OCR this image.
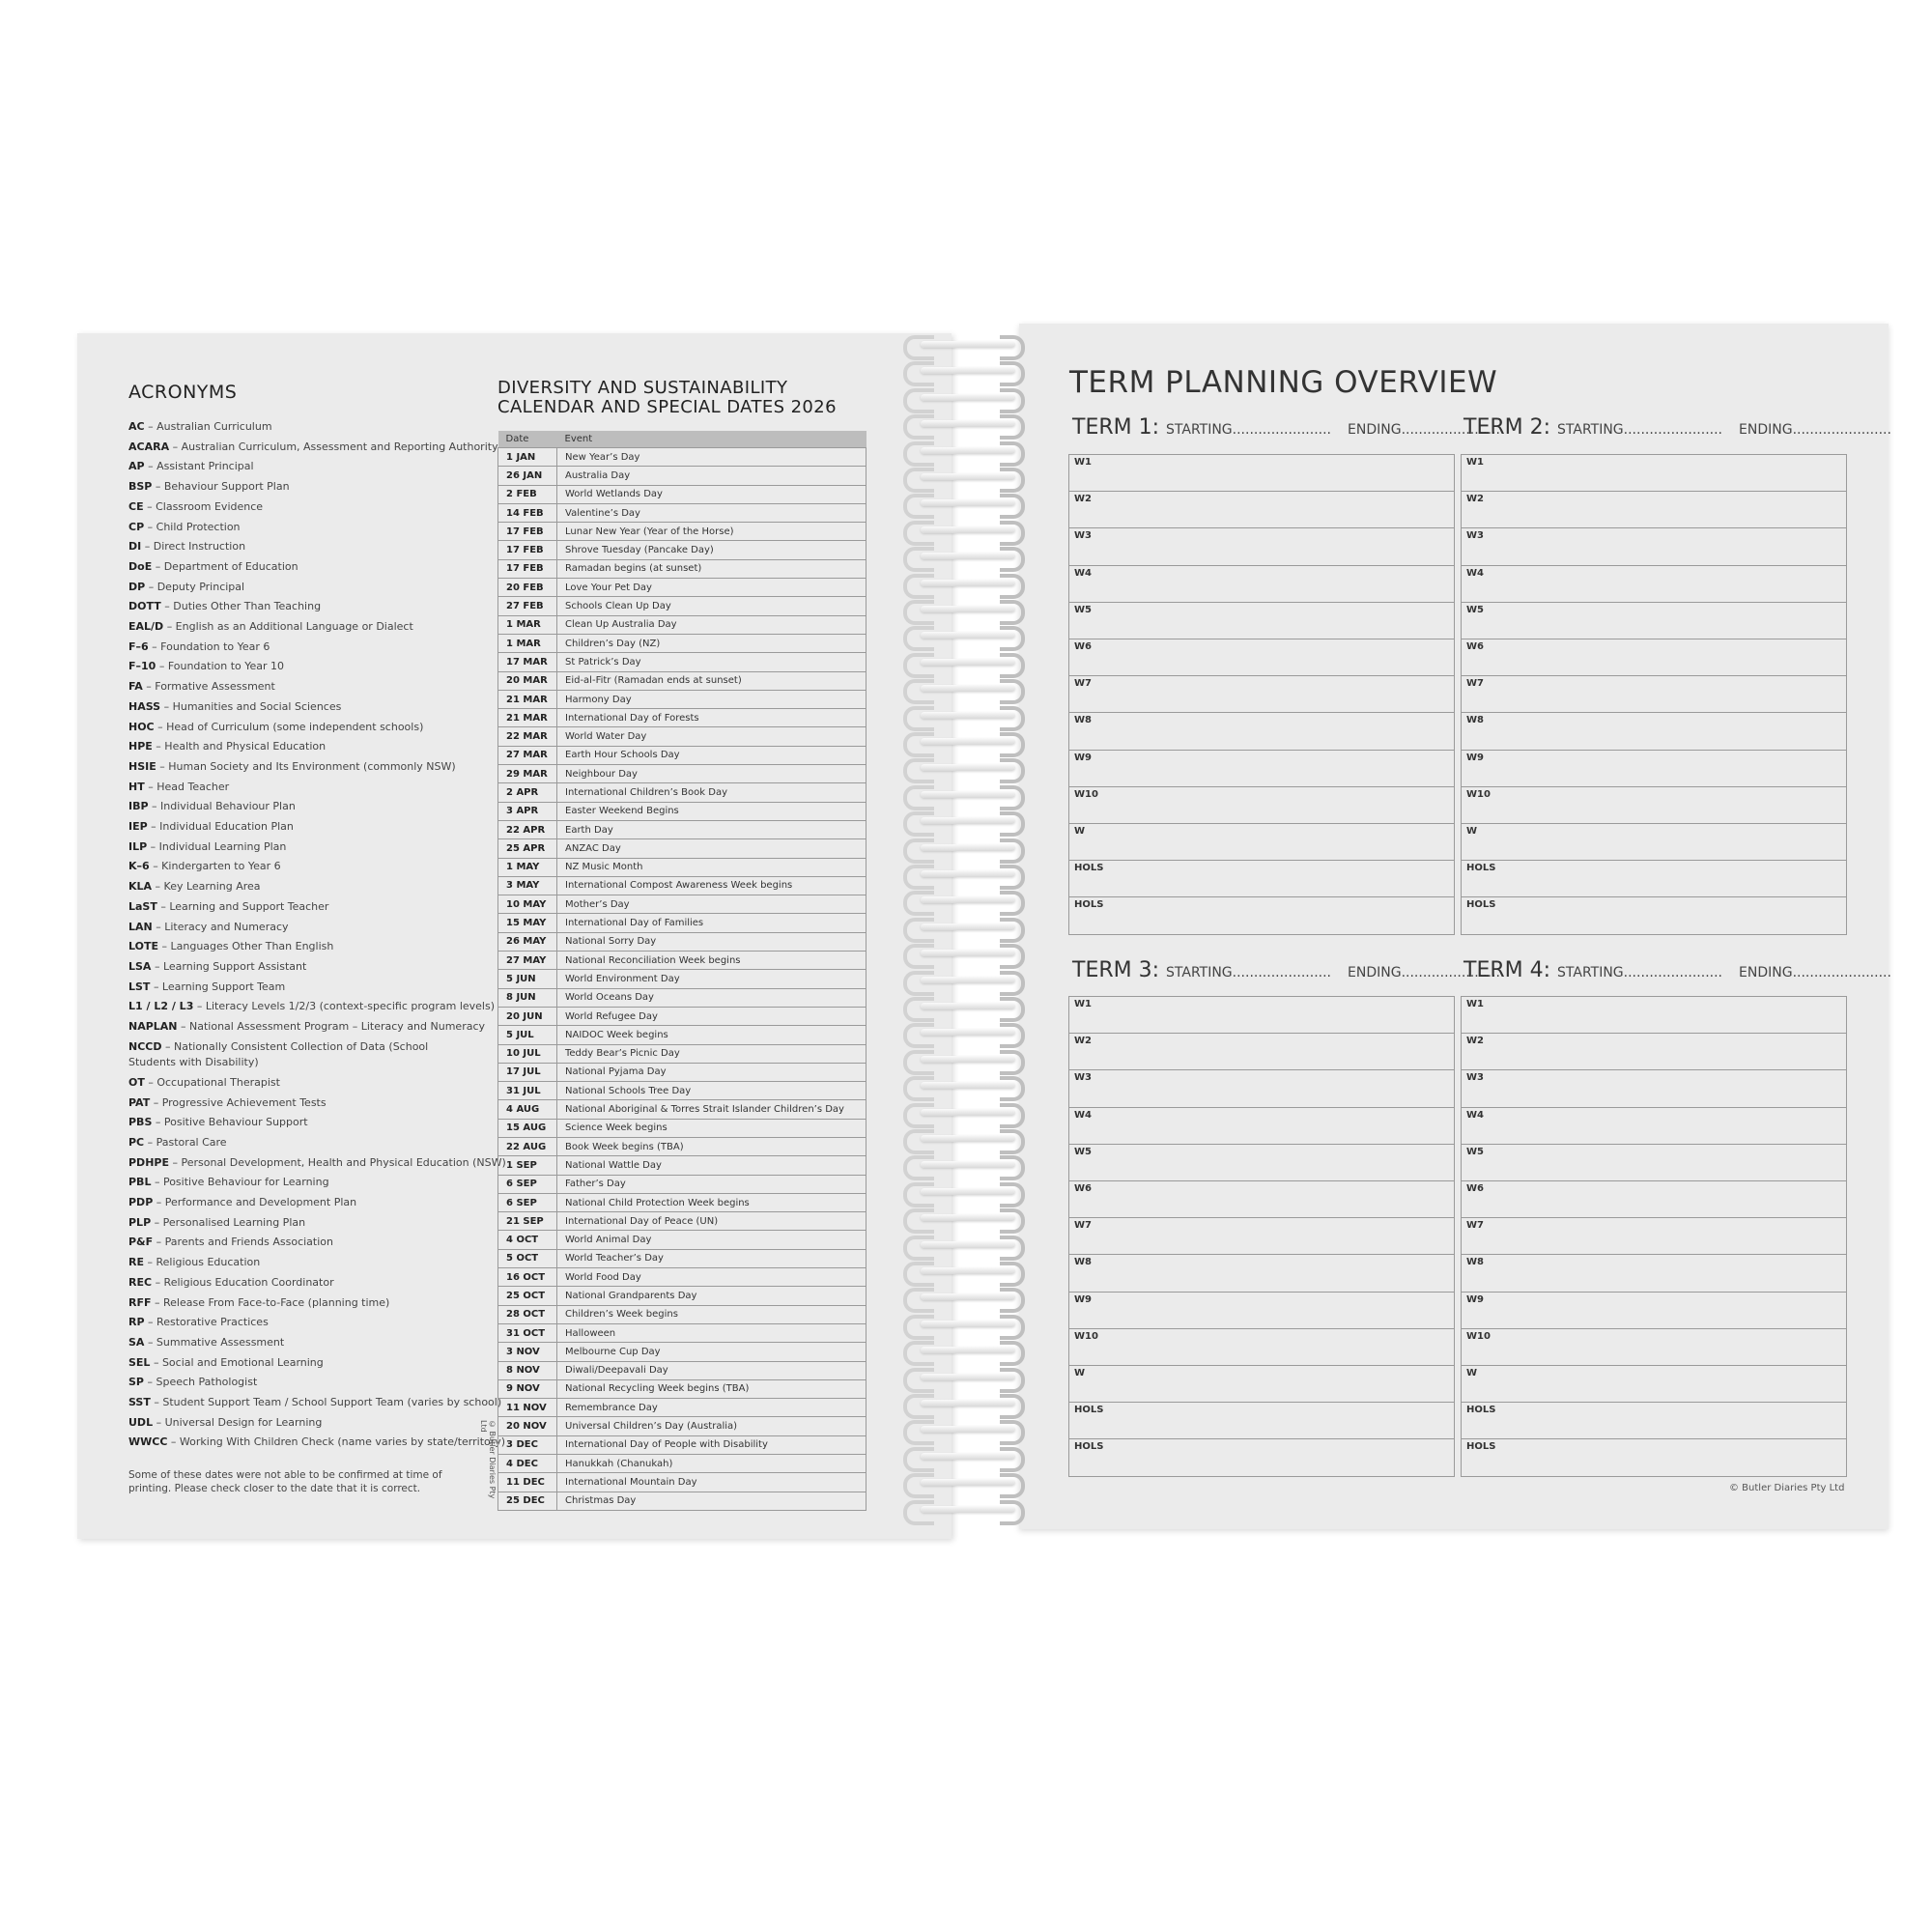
ACRONYMS
AC – Australian Curriculum
ACARA – Australian Curriculum, Assessment and Reporting Authority
AP – Assistant Principal
BSP – Behaviour Support Plan
CE – Classroom Evidence
CP – Child Protection
DI – Direct Instruction
DoE – Department of Education
DP – Deputy Principal
DOTT – Duties Other Than Teaching
EAL/D – English as an Additional Language or Dialect
F–6 – Foundation to Year 6
F–10 – Foundation to Year 10
FA – Formative Assessment
HASS – Humanities and Social Sciences
HOC – Head of Curriculum (some independent schools)
HPE – Health and Physical Education
HSIE – Human Society and Its Environment (commonly NSW)
HT – Head Teacher
IBP – Individual Behaviour Plan
IEP – Individual Education Plan
ILP – Individual Learning Plan
K–6 – Kindergarten to Year 6
KLA – Key Learning Area
LaST – Learning and Support Teacher
LAN – Literacy and Numeracy
LOTE – Languages Other Than English
LSA – Learning Support Assistant
LST – Learning Support Team
L1 / L2 / L3 – Literacy Levels 1/2/3 (context-specific program levels)
NAPLAN – National Assessment Program – Literacy and Numeracy
NCCD – Nationally Consistent Collection of Data (School Students with Disability)
OT – Occupational Therapist
PAT – Progressive Achievement Tests
PBS – Positive Behaviour Support
PC – Pastoral Care
PDHPE – Personal Development, Health and Physical Education (NSW)
PBL – Positive Behaviour for Learning
PDP – Performance and Development Plan
PLP – Personalised Learning Plan
P&F – Parents and Friends Association
RE – Religious Education
REC – Religious Education Coordinator
RFF – Release From Face-to-Face (planning time)
RP – Restorative Practices
SA – Summative Assessment
SEL – Social and Emotional Learning
SP – Speech Pathologist
SST – Student Support Team / School Support Team (varies by school)
UDL – Universal Design for Learning
WWCC – Working With Children Check (name varies by state/territory)
Some of these dates were not able to be confirmed at time of printing. Please check closer to the date that it is correct.	© Butler Diaries Pty Ltd
DIVERSITY AND SUSTAINABILITY CALENDAR AND SPECIAL DATES 2026
Date	Event
1 JAN	New Year’s Day
26 JAN	Australia Day
2 FEB	World Wetlands Day
14 FEB	Valentine’s Day
17 FEB	Lunar New Year (Year of the Horse)
17 FEB	Shrove Tuesday (Pancake Day)
17 FEB	Ramadan begins (at sunset)
20 FEB	Love Your Pet Day
27 FEB	Schools Clean Up Day
1 MAR	Clean Up Australia Day
1 MAR	Children’s Day (NZ)
17 MAR	St Patrick’s Day
20 MAR	Eid-al-Fitr (Ramadan ends at sunset)
21 MAR	Harmony Day
21 MAR	International Day of Forests
22 MAR	World Water Day
27 MAR	Earth Hour Schools Day
29 MAR	Neighbour Day
2 APR	International Children’s Book Day
3 APR	Easter Weekend Begins
22 APR	Earth Day
25 APR	ANZAC Day
1 MAY	NZ Music Month
3 MAY	International Compost Awareness Week begins
10 MAY	Mother’s Day
15 MAY	International Day of Families
26 MAY	National Sorry Day
27 MAY	National Reconciliation Week begins
5 JUN	World Environment Day
8 JUN	World Oceans Day
20 JUN	World Refugee Day
5 JUL	NAIDOC Week begins
10 JUL	Teddy Bear’s Picnic Day
17 JUL	National Pyjama Day
31 JUL	National Schools Tree Day
4 AUG	National Aboriginal & Torres Strait Islander Children’s Day
15 AUG	Science Week begins
22 AUG	Book Week begins (TBA)
1 SEP	National Wattle Day
6 SEP	Father’s Day
6 SEP	National Child Protection Week begins
21 SEP	International Day of Peace (UN)
4 OCT	World Animal Day
5 OCT	World Teacher’s Day
16 OCT	World Food Day
25 OCT	National Grandparents Day
28 OCT	Children’s Week begins
31 OCT	Halloween
3 NOV	Melbourne Cup Day
8 NOV	Diwali/Deepavali Day
9 NOV	National Recycling Week begins (TBA)
11 NOV	Remembrance Day
20 NOV	Universal Children’s Day (Australia)
3 DEC	International Day of People with Disability
4 DEC	Hanukkah (Chanukah)
11 DEC	International Mountain Day
25 DEC	Christmas Day
TERM PLANNING OVERVIEW
TERM 1: STARTING....................... ENDING.......................
TERM 2: STARTING....................... ENDING.......................
TERM 3: STARTING....................... ENDING.......................
TERM 4: STARTING....................... ENDING.......................
W1
W2
W3
W4
W5
W6
W7
W8
W9
W10
W
HOLS
HOLS
W1
W2
W3
W4
W5
W6
W7
W8
W9
W10
W
HOLS
HOLS
W1
W2
W3
W4
W5
W6
W7
W8
W9
W10
W
HOLS
HOLS
W1
W2
W3
W4
W5
W6
W7
W8
W9
W10
W
HOLS
HOLS
© Butler Diaries Pty Ltd
